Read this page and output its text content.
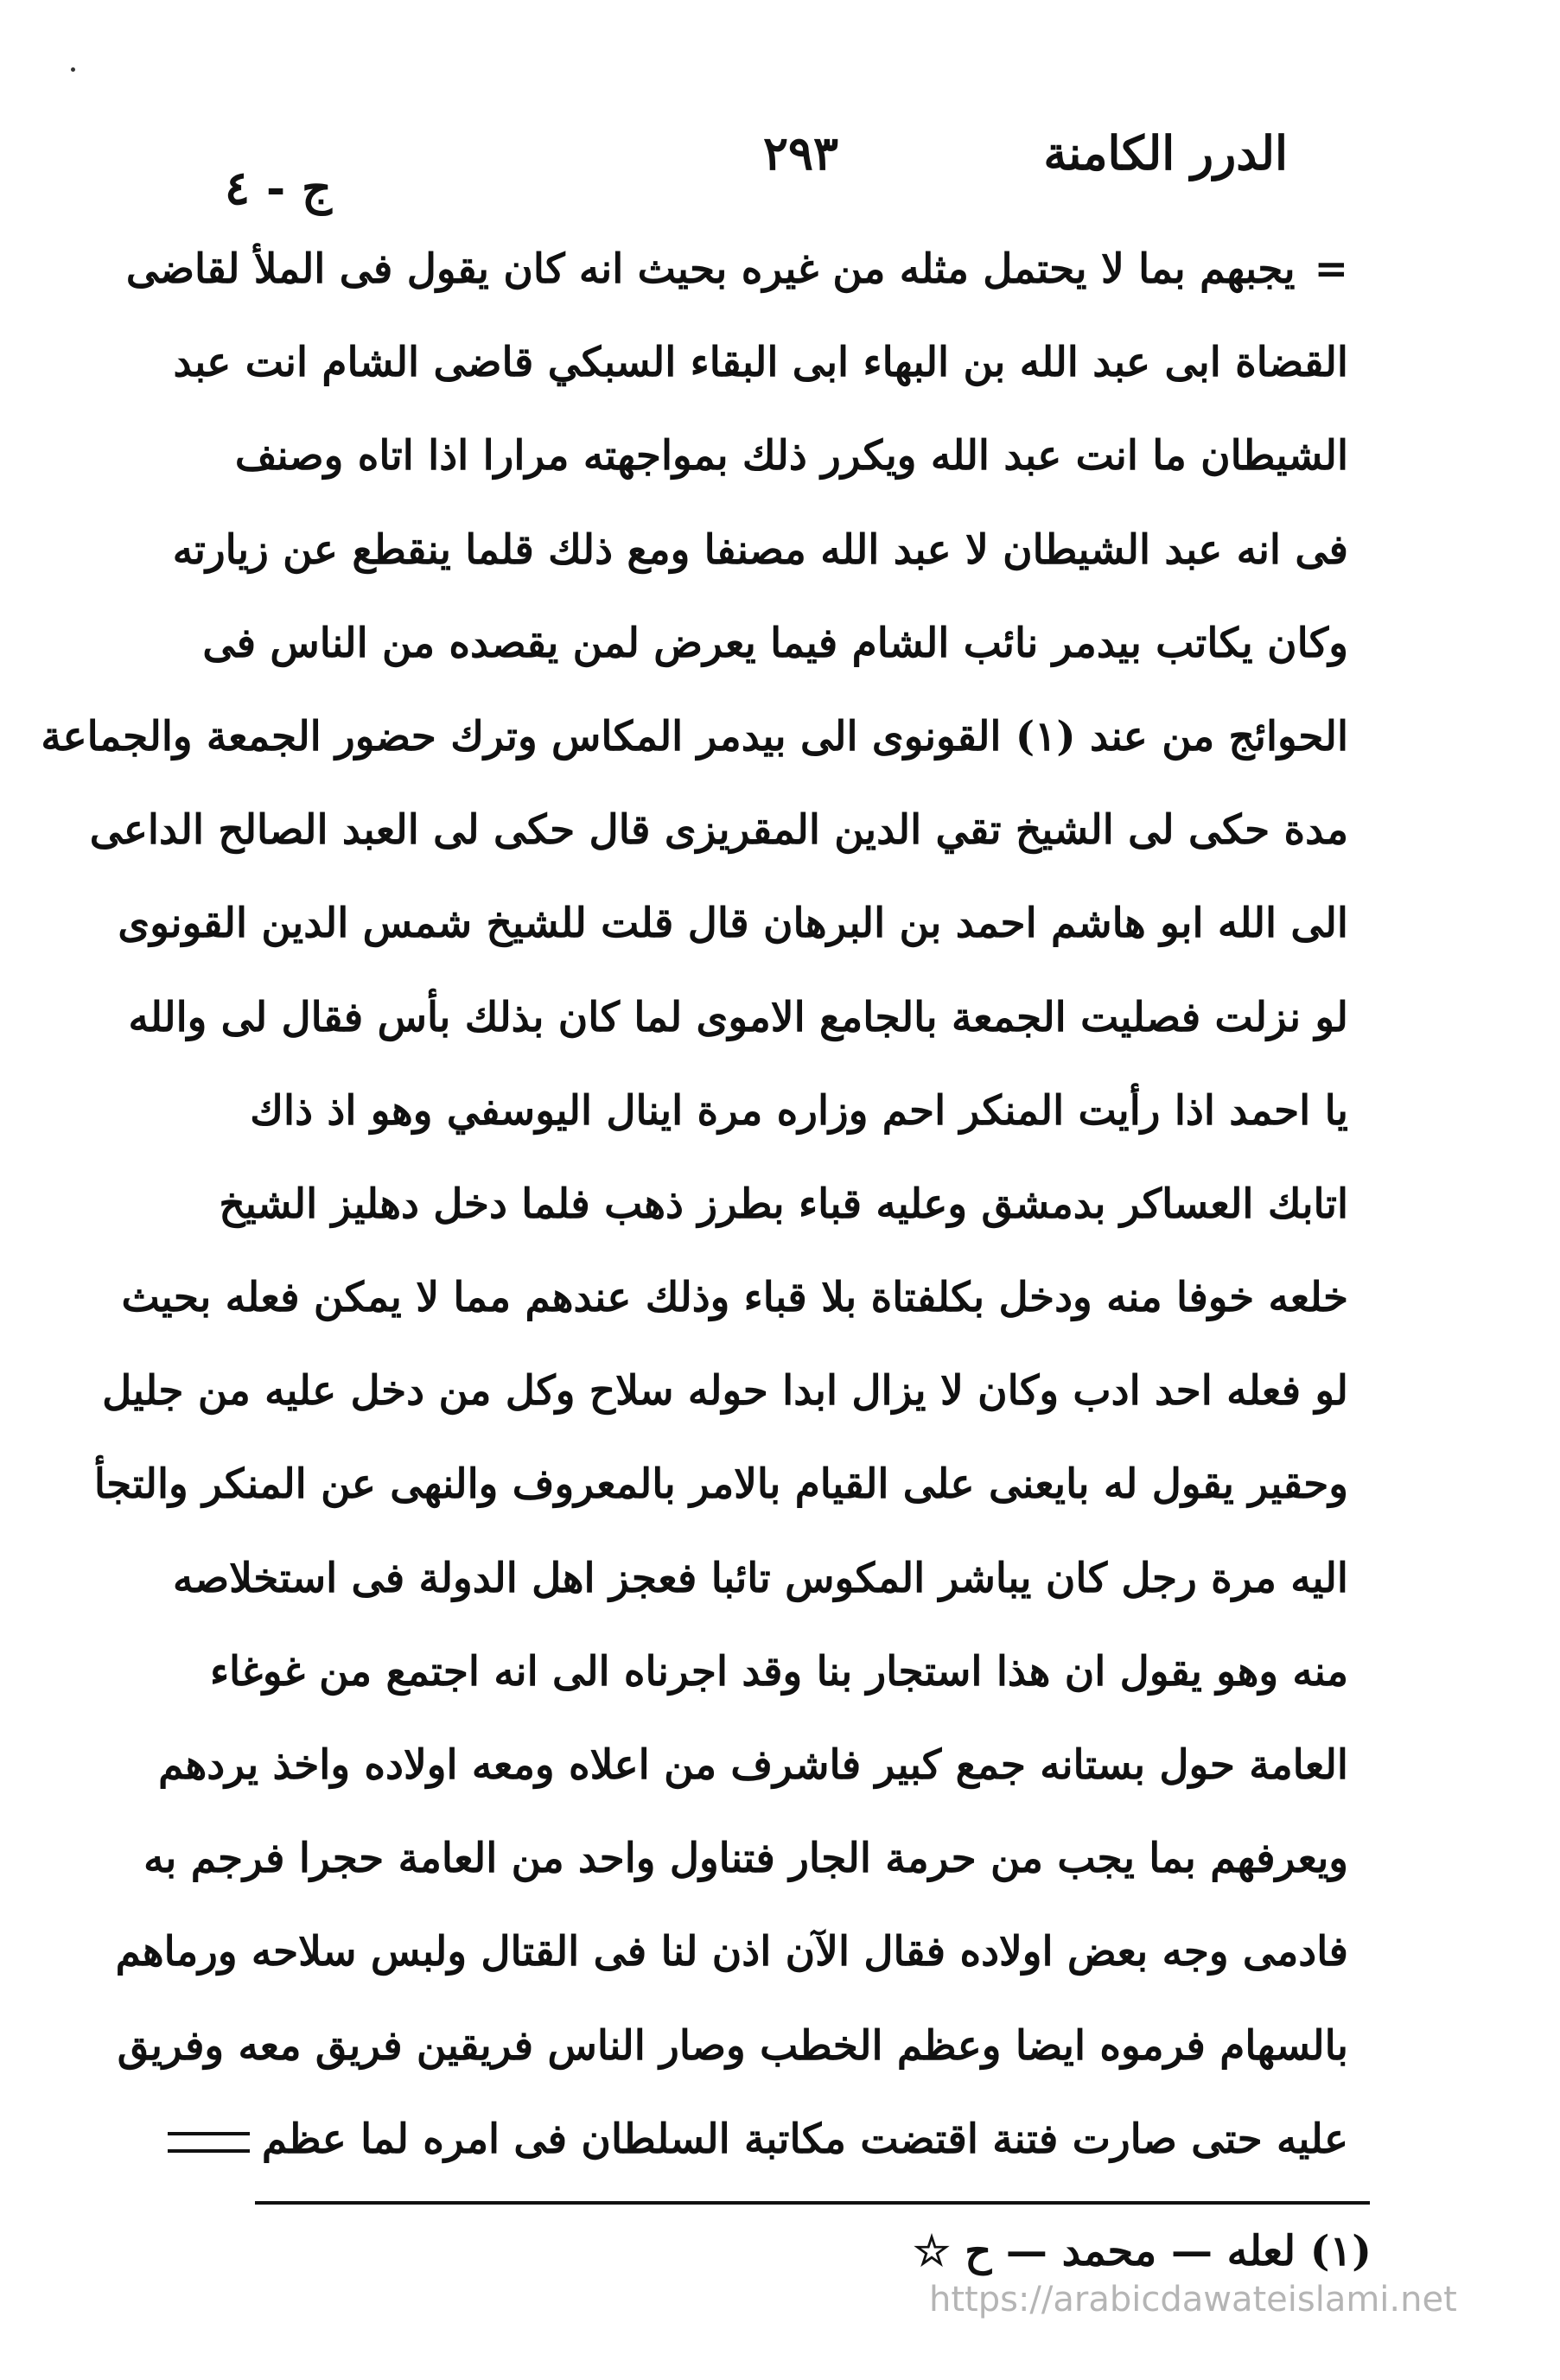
الدرر الكامنة
٢٩٣
ج - ٤
=يجبهم بما لا يحتمل مثله من غيره بحيث انه كان يقول فى الملأ لقاضى
القضاة ابى عبد الله بن البهاء ابى البقاء السبكي قاضى الشام انت عبد
الشيطان ما انت عبد الله ويكرر ذلك بمواجهته مرارا اذا اتاه وصنف
فى انه عبد الشيطان لا عبد الله مصنفا ومع ذلك قلما ينقطع عن زيارته
وكان يكاتب بيدمر نائب الشام فيما يعرض لمن يقصده من الناس فى
الحوائج من عند (١) القونوى الى بيدمر المكاس وترك حضور الجمعة والجماعة
مدة حكى لى الشيخ تقي الدين المقريزى قال حكى لى العبد الصالح الداعى
الى الله ابو هاشم احمد بن البرهان قال قلت للشيخ شمس الدين القونوى
لو نزلت فصليت الجمعة بالجامع الاموى لما كان بذلك بأس فقال لى والله
يا احمد اذا رأيت المنكر احم وزاره مرة اينال اليوسفي وهو اذ ذاك
اتابك العساكر بدمشق وعليه قباء بطرز ذهب فلما دخل دهليز الشيخ
خلعه خوفا منه ودخل بكلفتاة بلا قباء وذلك عندهم مما لا يمكن فعله بحيث
لو فعله احد ادب وكان لا يزال ابدا حوله سلاح وكل من دخل عليه من جليل
وحقير يقول له بايعنى على القيام بالامر بالمعروف والنهى عن المنكر والتجأ
اليه مرة رجل كان يباشر المكوس تائبا فعجز اهل الدولة فى استخلاصه
منه وهو يقول ان هذا استجار بنا وقد اجرناه الى انه اجتمع من غوغاء
العامة حول بستانه جمع كبير فاشرف من اعلاه ومعه اولاده واخذ يردهم
ويعرفهم بما يجب من حرمة الجار فتناول واحد من العامة حجرا فرجم به
فادمى وجه بعض اولاده فقال الآن اذن لنا فى القتال ولبس سلاحه ورماهم
بالسهام فرموه ايضا وعظم الخطب وصار الناس فريقين فريق معه وفريق
عليه حتى صارت فتنة اقتضت مكاتبة السلطان فى امره لما عظم
(١) لعله — محمد — ح ☆
https://arabicdawateislami.net
